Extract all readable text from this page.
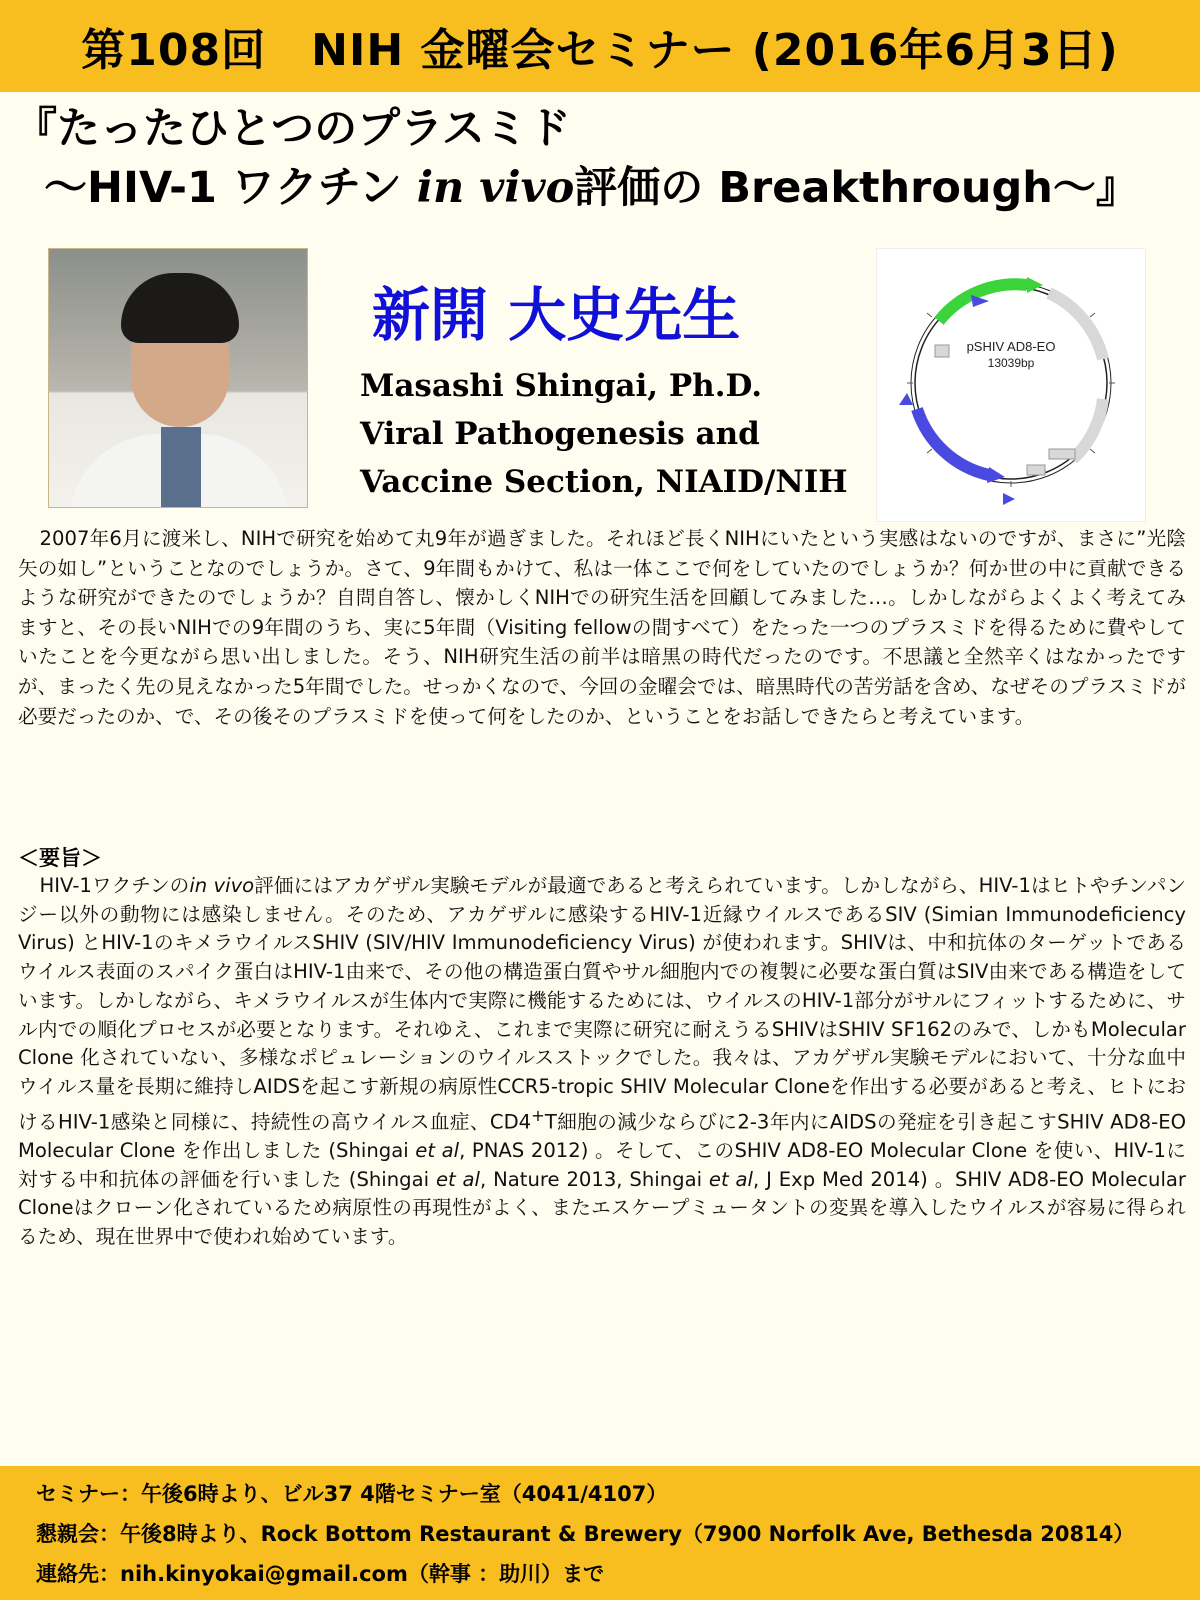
第108回　NIH 金曜会セミナー (2016年6月3日)
『たったひとつのプラスミド
～HIV-1 ワクチン in vivo評価の Breakthrough～』
新開 大史先生
Masashi Shingai, Ph.D.
Viral Pathogenesis and
Vaccine Section, NIAID/NIH
pSHIV AD8-EO
13039bp

2007年6月に渡米し、NIHで研究を始めて丸9年が過ぎました。それほど長くNIHにいたという実感はないのですが、まさに”光陰矢の如し”ということなのでしょうか。さて、9年間もかけて、私は一体ここで何をしていたのでしょうか？何か世の中に貢献できるような研究ができたのでしょうか？自問自答し、懐かしくNIHでの研究生活を回顧してみました…。しかしながらよくよく考えてみますと、その長いNIHでの9年間のうち、実に5年間（Visiting fellowの間すべて）をたった一つのプラスミドを得るために費やしていたことを今更ながら思い出しました。そう、NIH研究生活の前半は暗黒の時代だったのです。不思議と全然辛くはなかったですが、まったく先の見えなかった5年間でした。せっかくなので、今回の金曜会では、暗黒時代の苦労話を含め、なぜそのプラスミドが必要だったのか、で、その後そのプラスミドを使って何をしたのか、ということをお話しできたらと考えています。

＜要旨＞

HIV-1ワクチンのin vivo評価にはアカゲザル実験モデルが最適であると考えられています。しかしながら、HIV-1はヒトやチンパンジー以外の動物には感染しません。そのため、アカゲザルに感染するHIV-1近縁ウイルスであるSIV (Simian Immunodeficiency Virus) とHIV-1のキメラウイルスSHIV (SIV/HIV Immunodeficiency Virus) が使われます。SHIVは、中和抗体のターゲットであるウイルス表面のスパイク蛋白はHIV-1由来で、その他の構造蛋白質やサル細胞内での複製に必要な蛋白質はSIV由来である構造をしています。しかしながら、キメラウイルスが生体内で実際に機能するためには、ウイルスのHIV-1部分がサルにフィットするために、サル内での順化プロセスが必要となります。それゆえ、これまで実際に研究に耐えうるSHIVはSHIV SF162のみで、しかもMolecular Clone 化されていない、多様なポピュレーションのウイルスストックでした。我々は、アカゲザル実験モデルにおいて、十分な血中ウイルス量を長期に維持しAIDSを起こす新規の病原性CCR5-tropic SHIV Molecular Cloneを作出する必要があると考え、ヒトにおけるHIV-1感染と同様に、持続性の高ウイルス血症、CD4+T細胞の減少ならびに2-3年内にAIDSの発症を引き起こすSHIV AD8-EO Molecular Clone を作出しました (Shingai et al, PNAS 2012) 。そして、このSHIV AD8-EO Molecular Clone を使い、HIV-1に対する中和抗体の評価を行いました (Shingai et al, Nature 2013, Shingai et al, J Exp Med 2014) 。SHIV AD8-EO Molecular Cloneはクローン化されているため病原性の再現性がよく、またエスケープミュータントの変異を導入したウイルスが容易に得られるため、現在世界中で使われ始めています。

セミナー：午後6時より、ビル37 4階セミナー室（4041/4107）
懇親会：午後8時より、Rock Bottom Restaurant & Brewery（7900 Norfolk Ave, Bethesda 20814）
連絡先：nih.kinyokai@gmail.com（幹事 ：助川）まで
